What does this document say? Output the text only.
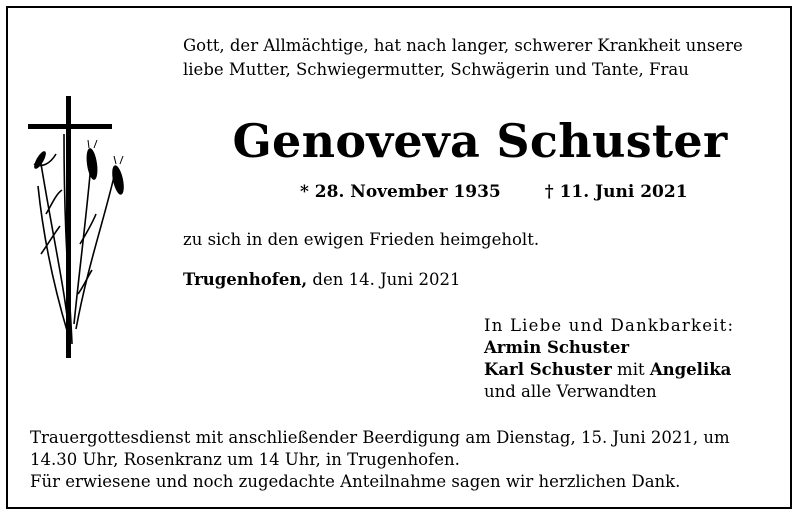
Gott, der Allmächtige, hat nach langer, schwerer Krankheit unsere
liebe Mutter, Schwiegermutter, Schwägerin und Tante, Frau
Genoveva Schuster
* 28. November 1935	† 11. Juni 2021
zu sich in den ewigen Frieden heimgeholt.
Trugenhofen, den 14. Juni 2021
In Liebe und Dankbarkeit:
Armin Schuster
Karl Schuster mit Angelika
und alle Verwandten
Trauergottesdienst mit anschließender Beerdigung am Dienstag, 15. Juni 2021, um
14.30 Uhr, Rosenkranz um 14 Uhr, in Trugenhofen.
Für erwiesene und noch zugedachte Anteilnahme sagen wir herzlichen Dank.
